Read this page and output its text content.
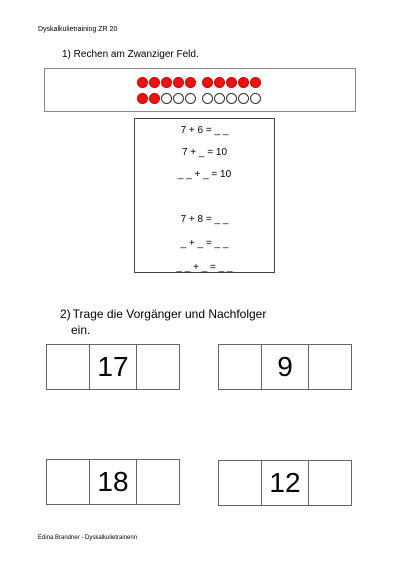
Dyskalkulietraining ZR 20
1) Rechen am Zwanziger Feld.
7 + 6 = _ _
7 + _ = 10
_ _ + _ = 10
7 + 8 = _ _
_ + _ = _ _
_ _ + _ = _ _
2) Trage die Vorgänger und Nachfolger
ein.
17	9
18	12
Edina Brandner - Dyskalkulietrainerin
